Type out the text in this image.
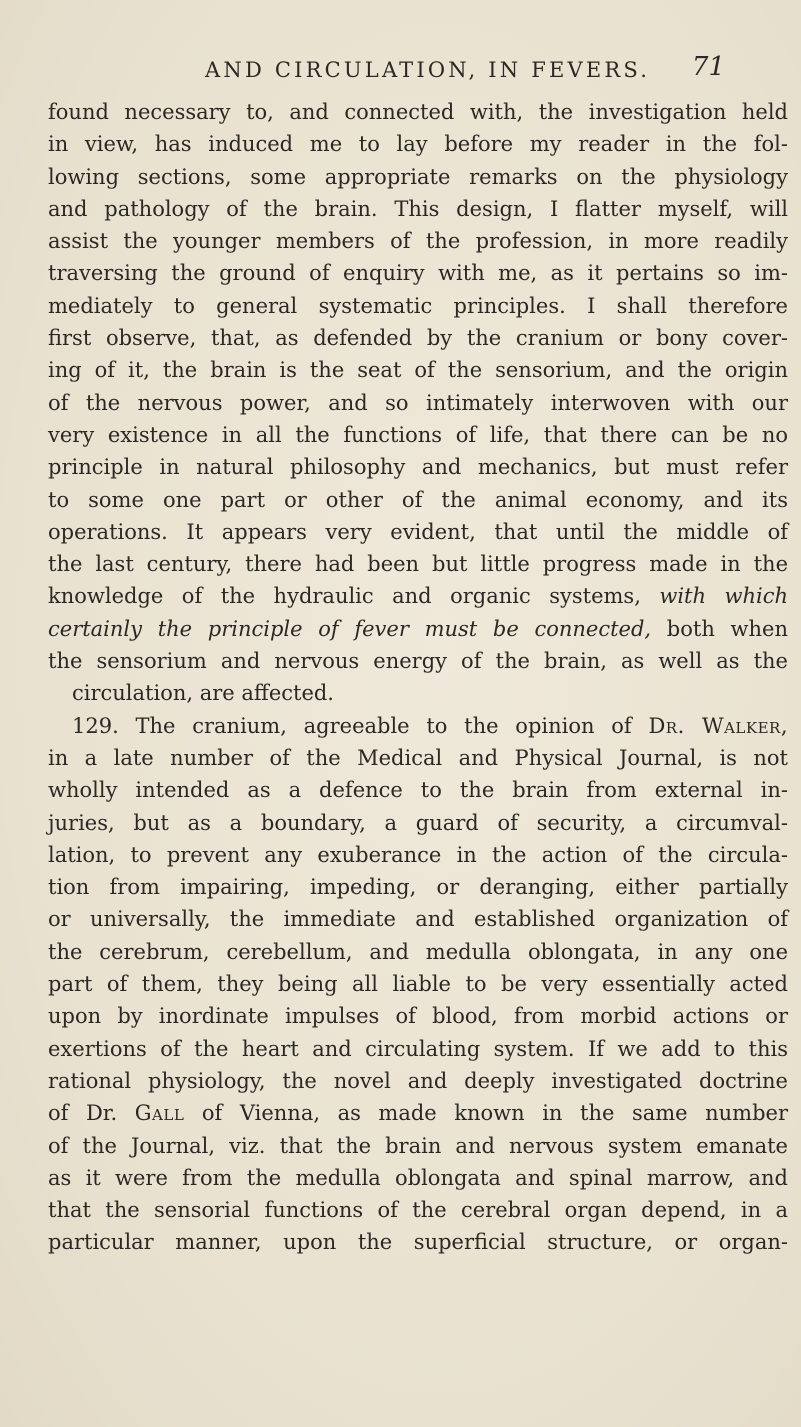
AND CIRCULATION, IN FEVERS. 71
found necessary to, and connected with, the investigation held
in view, has induced me to lay before my reader in the fol-
lowing sections, some appropriate remarks on the physiology
and pathology of the brain. This design, I flatter myself, will
assist the younger members of the profession, in more readily
traversing the ground of enquiry with me, as it pertains so im-
mediately to general systematic principles. I shall therefore
first observe, that, as defended by the cranium or bony cover-
ing of it, the brain is the seat of the sensorium, and the origin
of the nervous power, and so intimately interwoven with our
very existence in all the functions of life, that there can be no
principle in natural philosophy and mechanics, but must refer
to some one part or other of the animal economy, and its
operations. It appears very evident, that until the middle of
the last century, there had been but little progress made in the
knowledge of the hydraulic and organic systems, with which
certainly the principle of fever must be connected, both when
the sensorium and nervous energy of the brain, as well as the
circulation, are affected.
129. The cranium, agreeable to the opinion of Dr. Walker,
in a late number of the Medical and Physical Journal, is not
wholly intended as a defence to the brain from external in-
juries, but as a boundary, a guard of security, a circumval-
lation, to prevent any exuberance in the action of the circula-
tion from impairing, impeding, or deranging, either partially
or universally, the immediate and established organization of
the cerebrum, cerebellum, and medulla oblongata, in any one
part of them, they being all liable to be very essentially acted
upon by inordinate impulses of blood, from morbid actions or
exertions of the heart and circulating system. If we add to this
rational physiology, the novel and deeply investigated doctrine
of Dr. Gall of Vienna, as made known in the same number
of the Journal, viz. that the brain and nervous system emanate
as it were from the medulla oblongata and spinal marrow, and
that the sensorial functions of the cerebral organ depend, in a
particular manner, upon the superficial structure, or organ-
